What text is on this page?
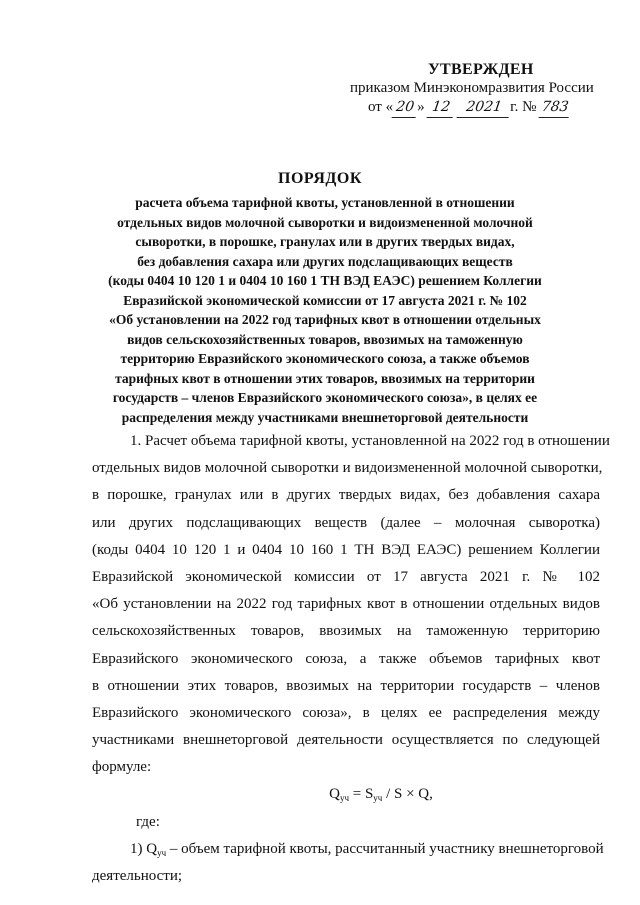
УТВЕРЖДЕН
приказом Минэкономразвития России
от « 20 » 12 2021 г. № 783
ПОРЯДОК
расчета объема тарифной квоты, установленной в отношении
отдельных видов молочной сыворотки и видоизмененной молочной
сыворотки, в порошке, гранулах или в других твердых видах,
без добавления сахара или других подслащивающих веществ
(коды 0404 10 120 1 и 0404 10 160 1 ТН ВЭД ЕАЭС) решением Коллегии
Евразийской экономической комиссии от 17 августа 2021 г. № 102
«Об установлении на 2022 год тарифных квот в отношении отдельных
видов сельскохозяйственных товаров, ввозимых на таможенную
территорию Евразийского экономического союза, а также объемов
тарифных квот в отношении этих товаров, ввозимых на территории
государств – членов Евразийского экономического союза», в целях ее
распределения между участниками внешнеторговой деятельности
1. Расчет объема тарифной квоты, установленной на 2022 год в отношении
отдельных видов молочной сыворотки и видоизмененной молочной сыворотки,
в порошке, гранулах или в других твердых видах, без добавления сахара
или других подслащивающих веществ (далее – молочная сыворотка)
(коды 0404 10 120 1 и 0404 10 160 1 ТН ВЭД ЕАЭС) решением Коллегии
Евразийской экономической комиссии от 17 августа 2021 г. № 102
«Об установлении на 2022 год тарифных квот в отношении отдельных видов
сельскохозяйственных товаров, ввозимых на таможенную территорию
Евразийского экономического союза, а также объемов тарифных квот
в отношении этих товаров, ввозимых на территории государств – членов
Евразийского экономического союза», в целях ее распределения между
участниками внешнеторговой деятельности осуществляется по следующей
формуле:
$Q_{уч} = S_{уч} / S \times Q$,
где:
1) $Q_{уч}$ – объем тарифной квоты, рассчитанный участнику внешнеторговой
деятельности;
